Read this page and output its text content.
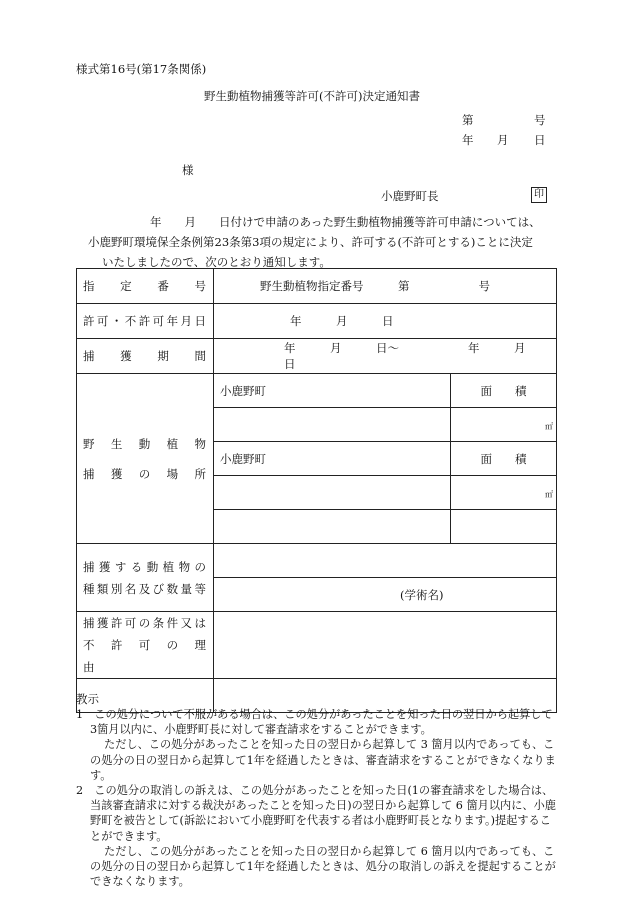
様式第16号(第17条関係)
野生動植物捕獲等許可(不許可)決定通知書
第	号
年 月 日
様
小鹿野町長	印
年　　月　　日付けで申請のあった野生動植物捕獲等許可申請については、
小鹿野町環境保全条例第23条第3項の規定により、許可する(不許可とする)ことに決定
いたしましたので、次のとおり通知します。
指　定　番　号	野生動植物指定番号　　　第　　　　　　号	
許可・不許可年月日	年　　　月　　　日	
捕　獲　期　間	年　　　月　　　日〜　　　　　　年　　　月　　　日	

野　生　動　植　物
捕　獲　の　場　所	小鹿野町	面　　積
		㎡
	小鹿野町	面　　積
		㎡

捕獲する動植物の
種類別名及び数量等		

	(学術名)	

捕獲許可の条件又は
不　許　可　の　理　由		

教示
1　この処分について不服がある場合は、この処分があったことを知った日の翌日から起算して3箇月以内に、小鹿野町長に対して審査請求をすることができます。
ただし、この処分があったことを知った日の翌日から起算して 3 箇月以内であっても、この処分の日の翌日から起算して1年を経過したときは、審査請求をすることができなくなります。
2　この処分の取消しの訴えは、この処分があったことを知った日(1の審査請求をした場合は、当該審査請求に対する裁決があったことを知った日)の翌日から起算して 6 箇月以内に、小鹿野町を被告として(訴訟において小鹿野町を代表する者は小鹿野町長となります。)提起することができます。
ただし、この処分があったことを知った日の翌日から起算して 6 箇月以内であっても、この処分の日の翌日から起算して1年を経過したときは、処分の取消しの訴えを提起することができなくなります。
